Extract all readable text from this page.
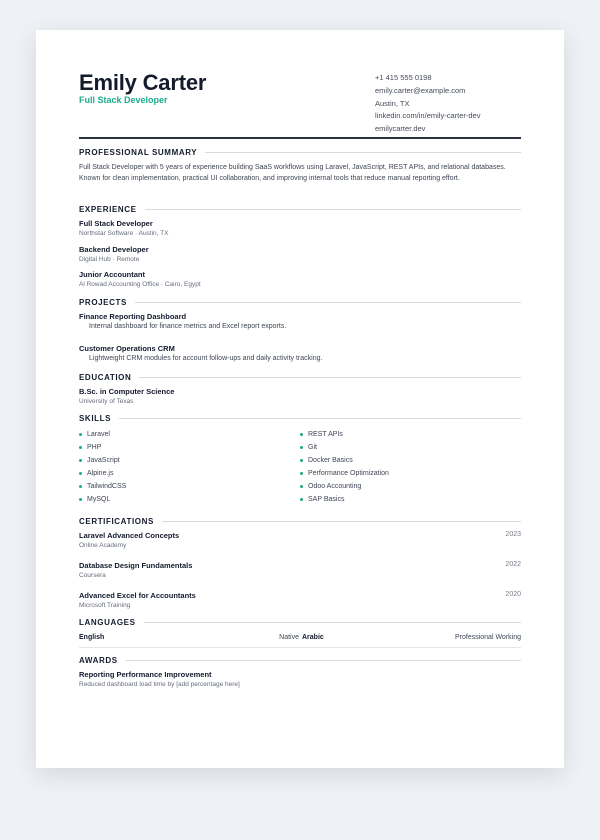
Emily Carter
Full Stack Developer
+1 415 555 0198
emily.carter@example.com
Austin, TX
linkedin.com/in/emily-carter-dev
emilycarter.dev
PROFESSIONAL SUMMARY
Full Stack Developer with 5 years of experience building SaaS workflows using Laravel, JavaScript, REST APIs, and relational databases. Known for clean implementation, practical UI collaboration, and improving internal tools that reduce manual reporting effort.
EXPERIENCE
Full Stack Developer
Northstar Software · Austin, TX
Backend Developer
Digital Hub · Remote
Junior Accountant
Al Rowad Accounting Office · Cairo, Egypt
PROJECTS
Finance Reporting Dashboard
Internal dashboard for finance metrics and Excel report exports.
Customer Operations CRM
Lightweight CRM modules for account follow-ups and daily activity tracking.
EDUCATION
B.Sc. in Computer Science
University of Texas
SKILLS
Laravel
PHP
JavaScript
Alpine.js
TailwindCSS
MySQL
REST APIs
Git
Docker Basics
Performance Optimization
Odoo Accounting
SAP Basics
CERTIFICATIONS
Laravel Advanced Concepts
Online Academy
2023
Database Design Fundamentals
Coursera
2022
Advanced Excel for Accountants
Microsoft Training
2020
LANGUAGES
English	Native Arabic	Professional Working
AWARDS
Reporting Performance Improvement
Reduced dashboard load time by [add percentage here]
